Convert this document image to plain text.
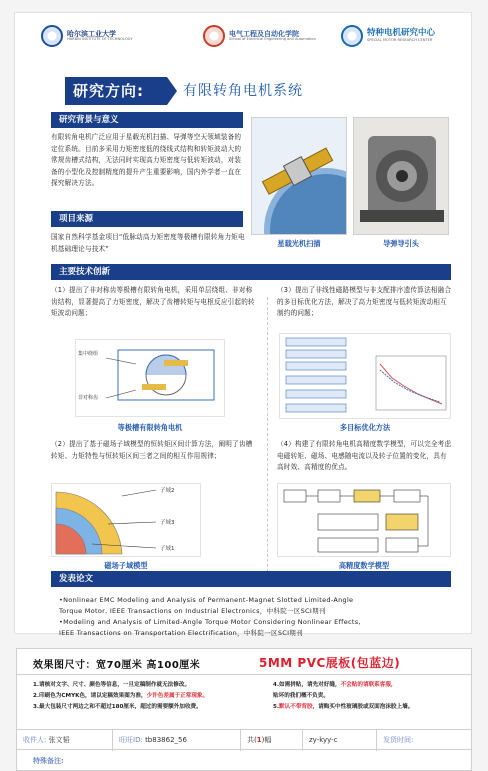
哈尔滨工业大学
HARBIN INSTITUTE OF TECHNOLOGY
电气工程及自动化学院
School of Electrical Engineering and Automation
特种电机研究中心
SPECIAL MOTOR RESEARCH CENTER
研究方向:	有限转角电机系统
研究背景与意义
有限转角电机广泛应用于星载光机扫描、导弹等空天领域装备的定位系统。目前多采用力矩密度低的绕线式结构和转矩波动大的常规齿槽式结构，无法同时实现高力矩密度与低转矩波动，对装备的小型化及控制精度的提升产生重要影响，国内外学者一直在探究解决方法。
星载光机扫描	导弹导引头
项目来源
国家自然科学基金项目“低脉动高力矩密度等极槽有限转角力矩电机基础理论与技术”
主要技术创新
（1）提出了非对称齿等极槽有限转角电机，采用单层绕组、非对称齿结构，显著提高了力矩密度，解决了齿槽转矩与电枢反应引起的转矩波动问题；
（3）提出了非线性磁路模型与非支配排序遗传算法相融合的多目标优化方法，解决了高力矩密度与低转矩波动相互制约的问题；
集中绕组
非对称齿
等极槽有限转角电机	多目标优化方法
（2）提出了基于磁场子域模型的恒转矩区间计算方法，阐明了齿槽转矩、力矩特性与恒转矩区间三者之间的相互作用规律；
（4）构建了有限转角电机高精度数学模型，可以完全考虑电磁转矩、磁场、电感随电流以及转子位置的变化，具有高时效、高精度的优点。
子域2
子域3
子域1
磁场子域模型	高精度数学模型
发表论文
•Nonlinear EMC Modeling and Analysis of Permanent-Magnet Slotted Limited-Angle
Torque Motor, IEEE Transactions on Industrial Electronics，中科院一区SCI期刊
•Modeling and Analysis of Limited-Angle Torque Motor Considering Nonlinear Effects,
IEEE Transactions on Transportation Electrification，中科院一区SCI期刊
效果图尺寸：宽70厘米 高100厘米	5MM PVC展板(包蓝边)
1.请核对文字、尺寸、颜色等信息，一旦定稿制作就无法修改。
2.印刷色为CMYK色，请以定稿效果图为准，少许色差属于正常现象。
3.最大包装尺寸两边之和不超过180厘米，超过的需要额外加收费。
4.如需拼贴，请先对好缝，不会贴的请联系客服，
贴坏的我们概不负责。
5.默认不带背胶，请购买中性玻璃胶或双面泡沫胶上墙。
收件人: 张文韬	旺旺ID: tb83862_56	共(1)幅	zy-kyy-c	发货时间:
特殊备注:
